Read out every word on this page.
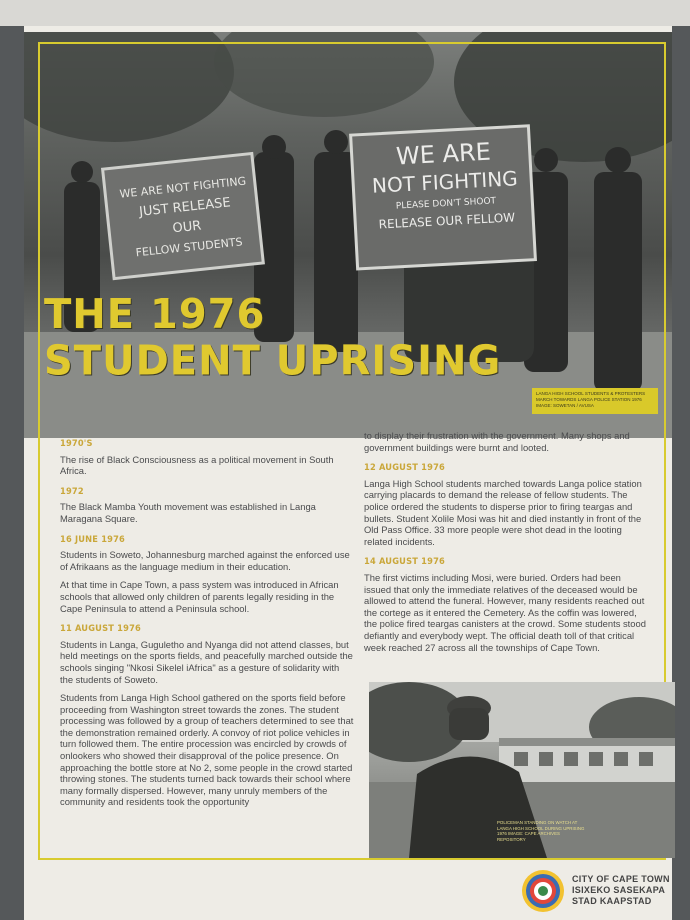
WE ARE NOT FIGHTING
JUST RELEASE
OUR
FELLOW STUDENTS
WE ARE
NOT FIGHTING
PLEASE DON'T SHOOT
RELEASE OUR FELLOW
THE 1976
STUDENT UPRISING
LANGA HIGH SCHOOL STUDENTS & PROTESTERS MARCH TOWARDS LANGA POLICE STATION 1976 IMAGE: SOWETAN / AVUSA
1970'S
The rise of Black Consciousness as a political movement in South Africa.
1972
The Black Mamba Youth movement was established in Langa Maragana Square.
16 JUNE 1976
Students in Soweto, Johannesburg marched against the enforced use of Afrikaans as the language medium in their education.
At that time in Cape Town, a pass system was introduced in African schools that allowed only children of parents legally residing in the Cape Peninsula to attend a Peninsula school.
11 AUGUST 1976
Students in Langa, Guguletho and Nyanga did not attend classes, but held meetings on the sports fields, and peacefully marched outside the schools singing "Nkosi Sikelel iAfrica" as a gesture of solidarity with the students of Soweto.
Students from Langa High School gathered on the sports field before proceeding from Washington street towards the zones. The student processing was followed by a group of teachers determined to see that the demonstration remained orderly. A convoy of riot police vehicles in turn followed them. The entire procession was encircled by crowds of onlookers who showed their disapproval of the police presence. On approaching the bottle store at No 2, some people in the crowd started throwing stones. The students turned back towards their school where many formally dispersed. However, many unruly members of the community and residents took the opportunity
to display their frustration with the government. Many shops and government buildings were burnt and looted.
12 AUGUST 1976
Langa High School students marched towards Langa police station carrying placards to demand the release of fellow students. The police ordered the students to disperse prior to firing teargas and bullets. Student Xolile Mosi was hit and died instantly in front of the Old Pass Office. 33 more people were shot dead in the looting related incidents.
14 AUGUST 1976
The first victims including Mosi, were buried. Orders had been issued that only the immediate relatives of the deceased would be allowed to attend the funeral. However, many residents reached out the cortege as it entered the Cemetery. As the coffin was lowered, the police fired teargas canisters at the crowd. Some students stood defiantly and everybody wept. The official death toll of that critical week reached 27 across all the townships of Cape Town.
POLICEMAN STANDING ON WATCH AT LANGA HIGH SCHOOL DURING UPRISING 1976 IMAGE: CAPE ARCHIVES REPOSITORY
CITY OF CAPE TOWN
ISIXEKO SASEKAPA
STAD KAAPSTAD
